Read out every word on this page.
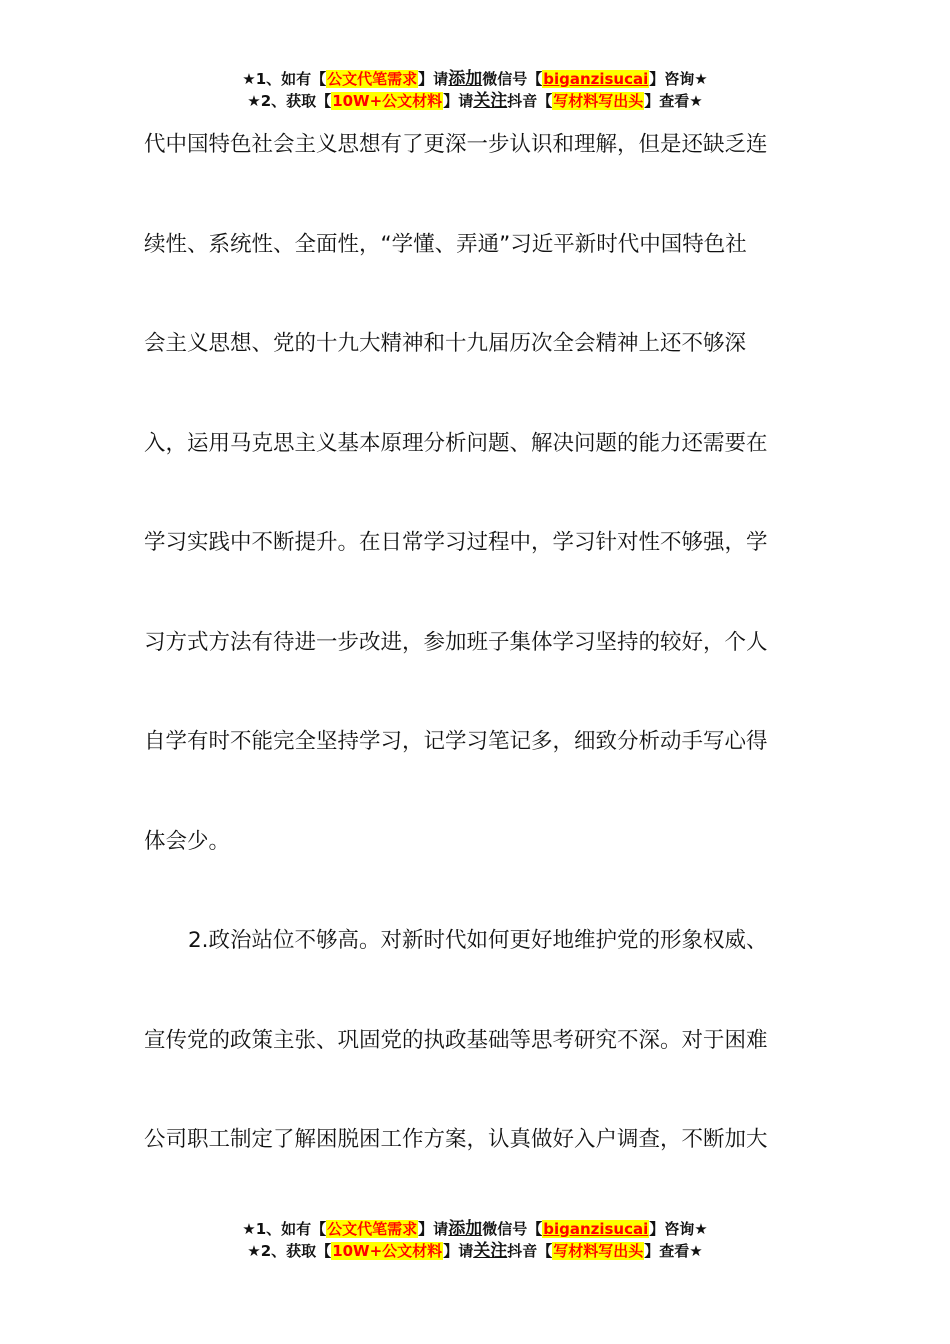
★1、如有【公文代笔需求】请添加微信号【biganzisucai】咨询★
★2、获取【10W+公文材料】请关注抖音【写材料写出头】查看★
代中国特色社会主义思想有了更深一步认识和理解，但是还缺乏连
续性、系统性、全面性，“学懂、弄通”习近平新时代中国特色社
会主义思想、党的十九大精神和十九届历次全会精神上还不够深
入，运用马克思主义基本原理分析问题、解决问题的能力还需要在
学习实践中不断提升。在日常学习过程中，学习针对性不够强，学
习方式方法有待进一步改进，参加班子集体学习坚持的较好，个人
自学有时不能完全坚持学习，记学习笔记多，细致分析动手写心得
体会少。
2.政治站位不够高。对新时代如何更好地维护党的形象权威、
宣传党的政策主张、巩固党的执政基础等思考研究不深。对于困难
公司职工制定了解困脱困工作方案，认真做好入户调查，不断加大
★1、如有【公文代笔需求】请添加微信号【biganzisucai】咨询★
★2、获取【10W+公文材料】请关注抖音【写材料写出头】查看★
